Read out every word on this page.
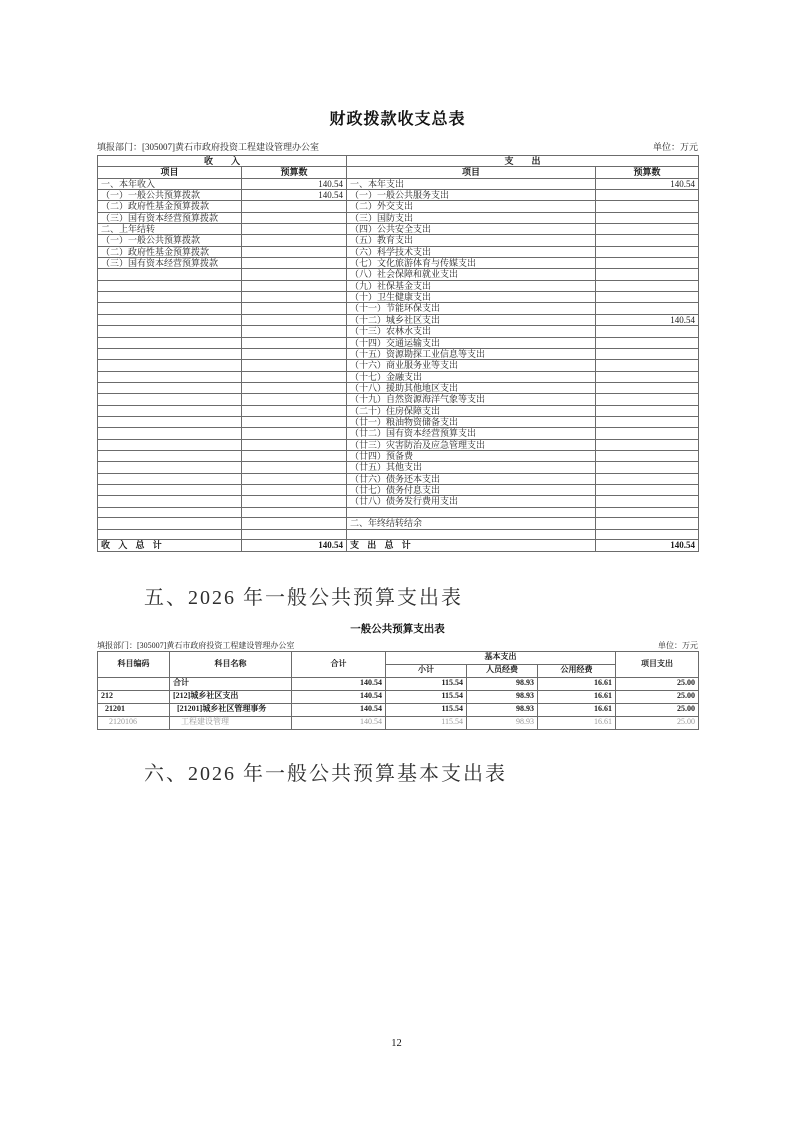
财政拨款收支总表
填报部门：[305007]黄石市政府投资工程建设管理办公室	单位：万元
收　　入		支　　出	
项目	预算数	项目	预算数
一、本年收入	140.54	一、本年支出	140.54
（一）一般公共预算拨款	140.54	（一）一般公共服务支出	
（二）政府性基金预算拨款		（二）外交支出	
（三）国有资本经营预算拨款		（三）国防支出	
二、上年结转		（四）公共安全支出	
（一）一般公共预算拨款		（五）教育支出	
（二）政府性基金预算拨款		（六）科学技术支出	
（三）国有资本经营预算拨款		（七）文化旅游体育与传媒支出	
		（八）社会保障和就业支出	
		（九）社保基金支出	
		（十）卫生健康支出	
		（十一）节能环保支出	
		（十二）城乡社区支出	140.54
		（十三）农林水支出	
		（十四）交通运输支出	
		（十五）资源勘探工业信息等支出	
		（十六）商业服务业等支出	
		（十七）金融支出	
		（十八）援助其他地区支出	
		（十九）自然资源海洋气象等支出	
		（二十）住房保障支出	
		（廿一）粮油物资储备支出	
		（廿二）国有资本经营预算支出	
		（廿三）灾害防治及应急管理支出	
		（廿四）预备费	
		（廿五）其他支出	
		（廿六）债务还本支出	
		（廿七）债务付息支出	
		（廿八）债务发行费用支出	

		二、年终结转结余	

收 入 总 计	140.54	支 出 总 计	140.54
五、2026 年一般公共预算支出表
一般公共预算支出表
填报部门：[305007]黄石市政府投资工程建设管理办公室	单位：万元
科目编码	科目名称	合计	基本支出			项目支出
			小计	人员经费	公用经费	
	合计	140.54	115.54	98.93	16.61	25.00
212	[212]城乡社区支出	140.54	115.54	98.93	16.61	25.00
21201	[21201]城乡社区管理事务	140.54	115.54	98.93	16.61	25.00
2120106	工程建设管理	140.54	115.54	98.93	16.61	25.00
六、2026 年一般公共预算基本支出表
12
